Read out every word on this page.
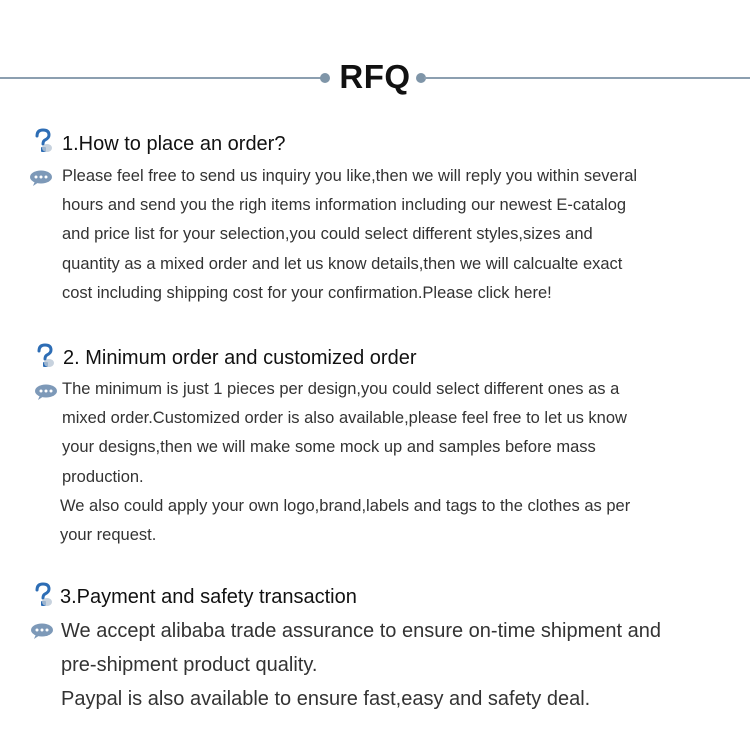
RFQ
1.How to place an order?
Please feel free to send us inquiry you like,then we will reply you within several
hours and send you the righ items information including our newest E-catalog
and price list for your selection,you could select different styles,sizes and
quantity as a mixed order and let us know details,then we will calcualte exact
cost including shipping cost for your confirmation.Please click here!
2. Minimum order and customized order
The minimum is just 1 pieces per design,you could select different ones as a
mixed order.Customized order is also available,please feel free to let us know
your designs,then we will make some mock up and samples before mass
production.
We also could apply your own logo,brand,labels and tags to the clothes as per
your request.
3.Payment and safety transaction
We accept alibaba trade assurance to ensure on-time shipment and
pre-shipment product quality.
Paypal is also available to ensure fast,easy and safety deal.
